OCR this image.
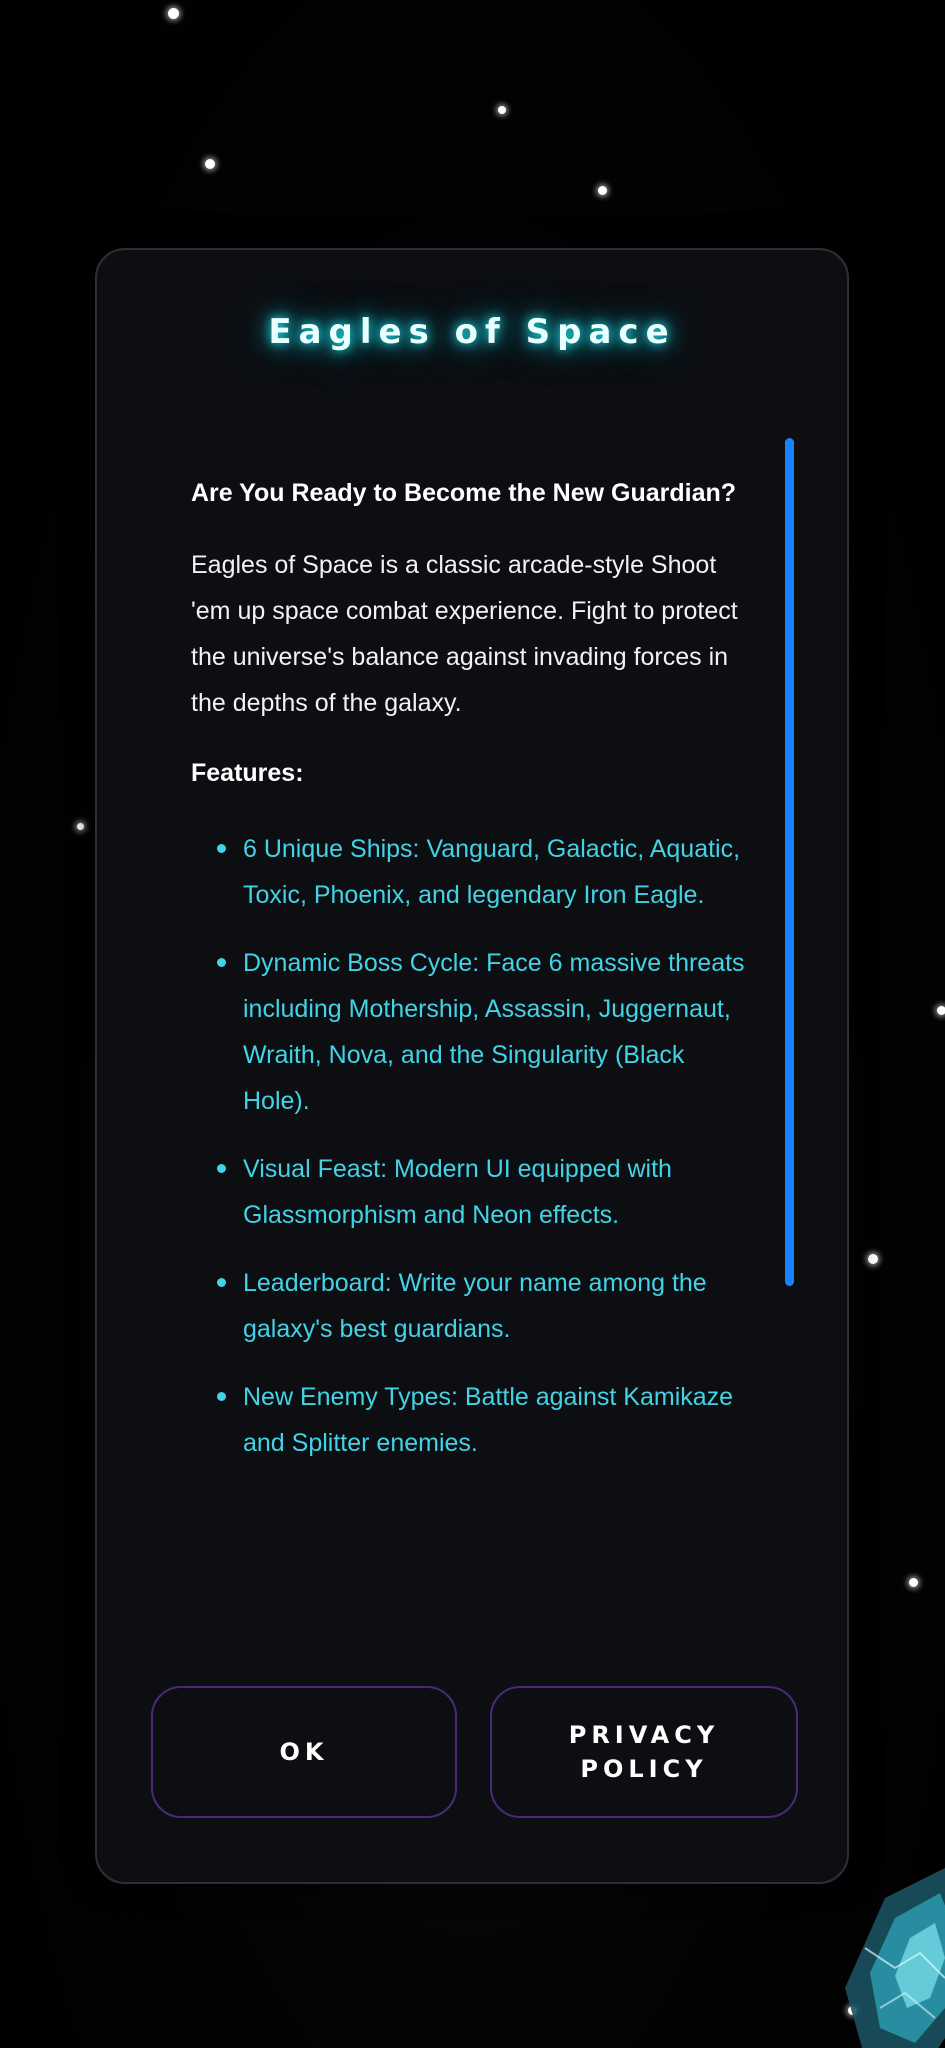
Eagles of Space

Are You Ready to Become the New Guardian?

Eagles of Space is a classic arcade-style Shoot 'em up space combat experience. Fight to protect the universe's balance against invading forces in the depths of the galaxy.

Features:

6 Unique Ships: Vanguard, Galactic, Aquatic, Toxic, Phoenix, and legendary Iron Eagle.
Dynamic Boss Cycle: Face 6 massive threats including Mothership, Assassin, Juggernaut, Wraith, Nova, and the Singularity (Black Hole).
Visual Feast: Modern UI equipped with Glassmorphism and Neon effects.
Leaderboard: Write your name among the galaxy's best guardians.
New Enemy Types: Battle against Kamikaze and Splitter enemies.
OK
PRIVACY
POLICY
